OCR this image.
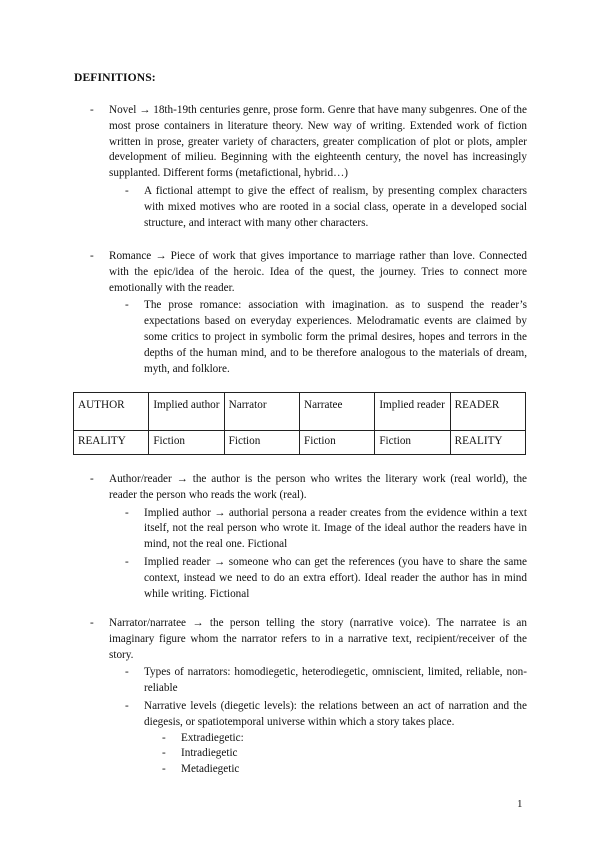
DEFINITIONS:
- Novel → 18th-19th centuries genre, prose form. Genre that have many subgenres. One of the most prose containers in literature theory. New way of writing. Extended work of fiction written in prose, greater variety of characters, greater complication of plot or plots, ampler development of milieu. Beginning with the eighteenth century, the novel has increasingly supplanted. Different forms (metafictional, hybrid…)
- A fictional attempt to give the effect of realism, by presenting complex characters with mixed motives who are rooted in a social class, operate in a developed social structure, and interact with many other characters.
- Romance → Piece of work that gives importance to marriage rather than love. Connected with the epic/idea of the heroic. Idea of the quest, the journey. Tries to connect more emotionally with the reader.
- The prose romance: association with imagination. as to suspend the reader’s expectations based on everyday experiences. Melodramatic events are claimed by some critics to project in symbolic form the primal desires, hopes and terrors in the depths of the human mind, and to be therefore analogous to the materials of dream, myth, and folklore.
AUTHOR	Implied author	Narrator	Narratee	Implied reader	READER
REALITY	Fiction	Fiction	Fiction	Fiction	REALITY
- Author/reader → the author is the person who writes the literary work (real world), the reader the person who reads the work (real).
- Implied author → authorial persona a reader creates from the evidence within a text itself, not the real person who wrote it. Image of the ideal author the readers have in mind, not the real one. Fictional
- Implied reader → someone who can get the references (you have to share the same context, instead we need to do an extra effort). Ideal reader the author has in mind while writing. Fictional
- Narrator/narratee → the person telling the story (narrative voice). The narratee is an imaginary figure whom the narrator refers to in a narrative text, recipient/receiver of the story.
- Types of narrators: homodiegetic, heterodiegetic, omniscient, limited, reliable, non-reliable
- Narrative levels (diegetic levels): the relations between an act of narration and the diegesis, or spatiotemporal universe within which a story takes place.
- Extradiegetic:
- Intradiegetic
- Metadiegetic
1
